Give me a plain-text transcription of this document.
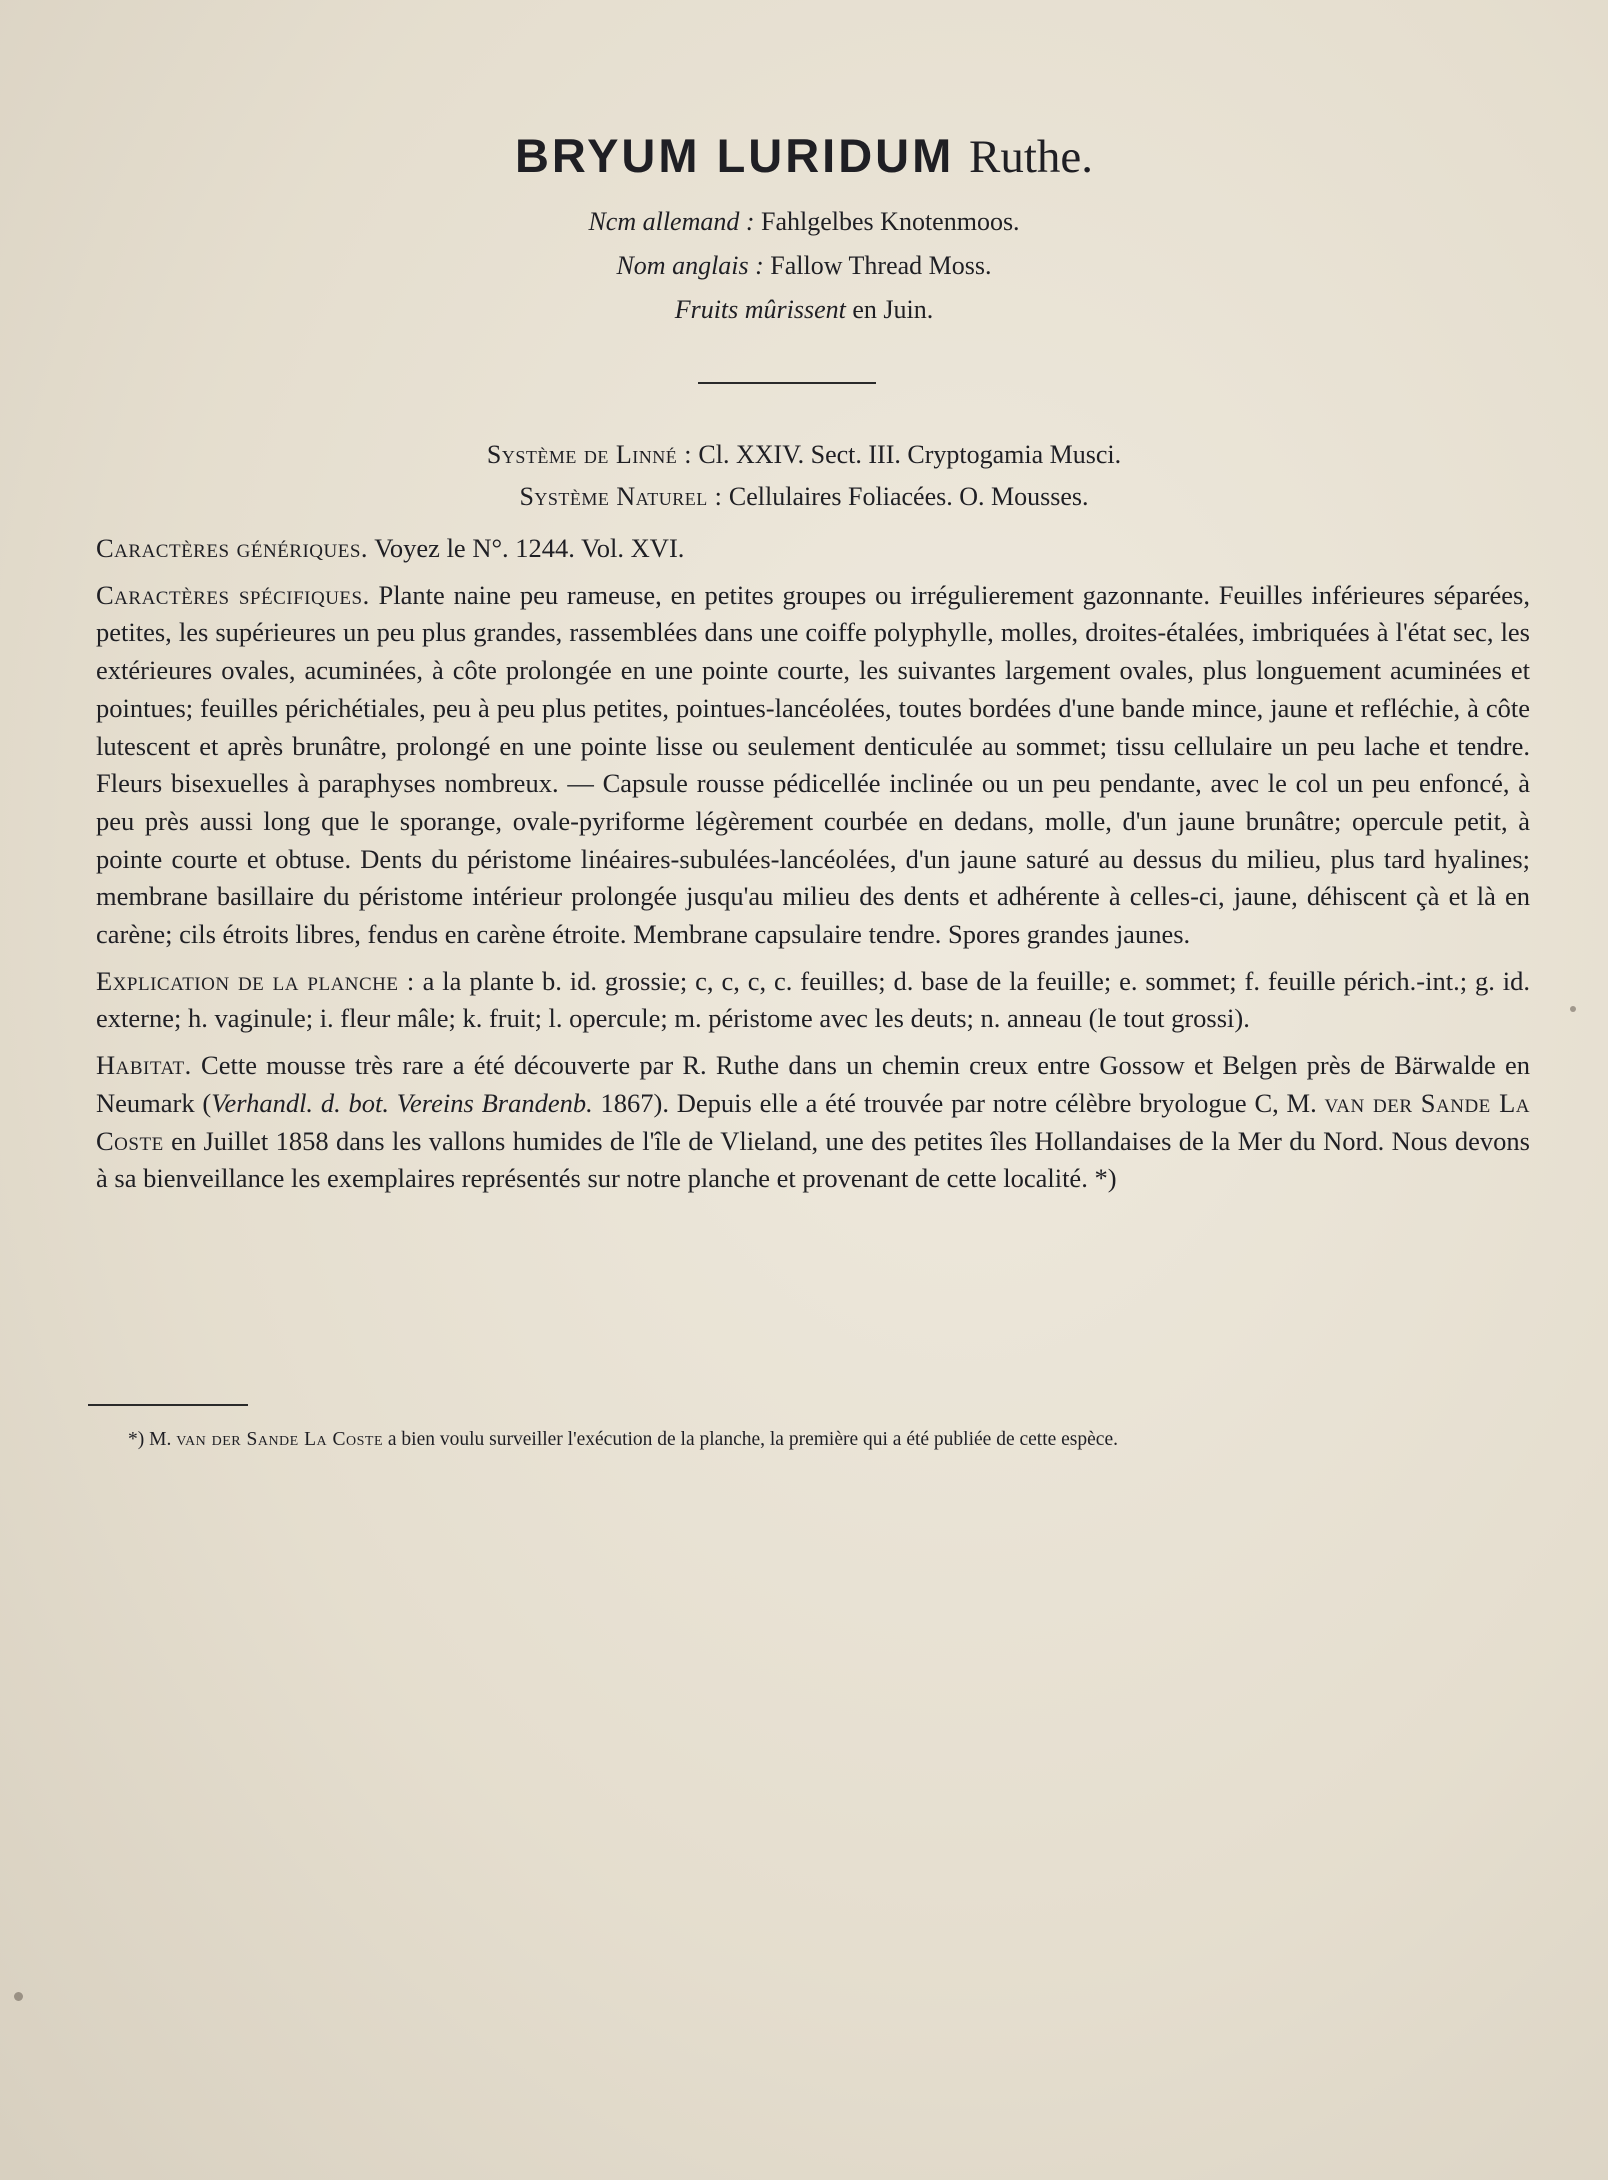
BRYUM LURIDUM Ruthe.
Ncm allemand : Fahlgelbes Knotenmoos.
Nom anglais : Fallow Thread Moss.
Fruits mûrissent en Juin.
Système de Linné : Cl. XXIV. Sect. III. Cryptogamia Musci.
Système Naturel : Cellulaires Foliacées. O. Mousses.

Caractères génériques. Voyez le N°. 1244. Vol. XVI.

Caractères spécifiques. Plante naine peu rameuse, en petites groupes ou irrégulierement gazonnante. Feuilles inférieures séparées, petites, les supérieures un peu plus grandes, rassemblées dans une coiffe polyphylle, molles, droites-étalées, imbriquées à l'état sec, les extérieures ovales, acuminées, à côte prolongée en une pointe courte, les suivantes largement ovales, plus longuement acuminées et pointues; feuilles périchétiales, peu à peu plus petites, pointues-lancéolées, toutes bordées d'une bande mince, jaune et refléchie, à côte lutescent et après brunâtre, prolongé en une pointe lisse ou seulement denticulée au sommet; tissu cellulaire un peu lache et tendre. Fleurs bisexuelles à paraphyses nombreux. — Capsule rousse pédicellée inclinée ou un peu pendante, avec le col un peu enfoncé, à peu près aussi long que le sporange, ovale-pyriforme légèrement courbée en dedans, molle, d'un jaune brunâtre; opercule petit, à pointe courte et obtuse. Dents du péristome linéaires-subulées-lancéolées, d'un jaune saturé au dessus du milieu, plus tard hyalines; membrane basillaire du péristome intérieur prolongée jusqu'au milieu des dents et adhérente à celles-ci, jaune, déhiscent çà et là en carène; cils étroits libres, fendus en carène étroite. Membrane capsulaire tendre. Spores grandes jaunes.

Explication de la planche : a la plante b. id. grossie; c, c, c, c. feuilles; d. base de la feuille; e. sommet; f. feuille périch.-int.; g. id. externe; h. vaginule; i. fleur mâle; k. fruit; l. opercule; m. péristome avec les deuts; n. anneau (le tout grossi).

Habitat. Cette mousse très rare a été découverte par R. Ruthe dans un chemin creux entre Gossow et Belgen près de Bärwalde en Neumark (Verhandl. d. bot. Vereins Brandenb. 1867). Depuis elle a été trouvée par notre célèbre bryologue C, M. van der Sande La Coste en Juillet 1858 dans les vallons humides de l'île de Vlieland, une des petites îles Hollandaises de la Mer du Nord. Nous devons à sa bienveillance les exemplaires représentés sur notre planche et provenant de cette localité. *)

*) M. van der Sande La Coste a bien voulu surveiller l'exécution de la planche, la première qui a été publiée de cette espèce.
